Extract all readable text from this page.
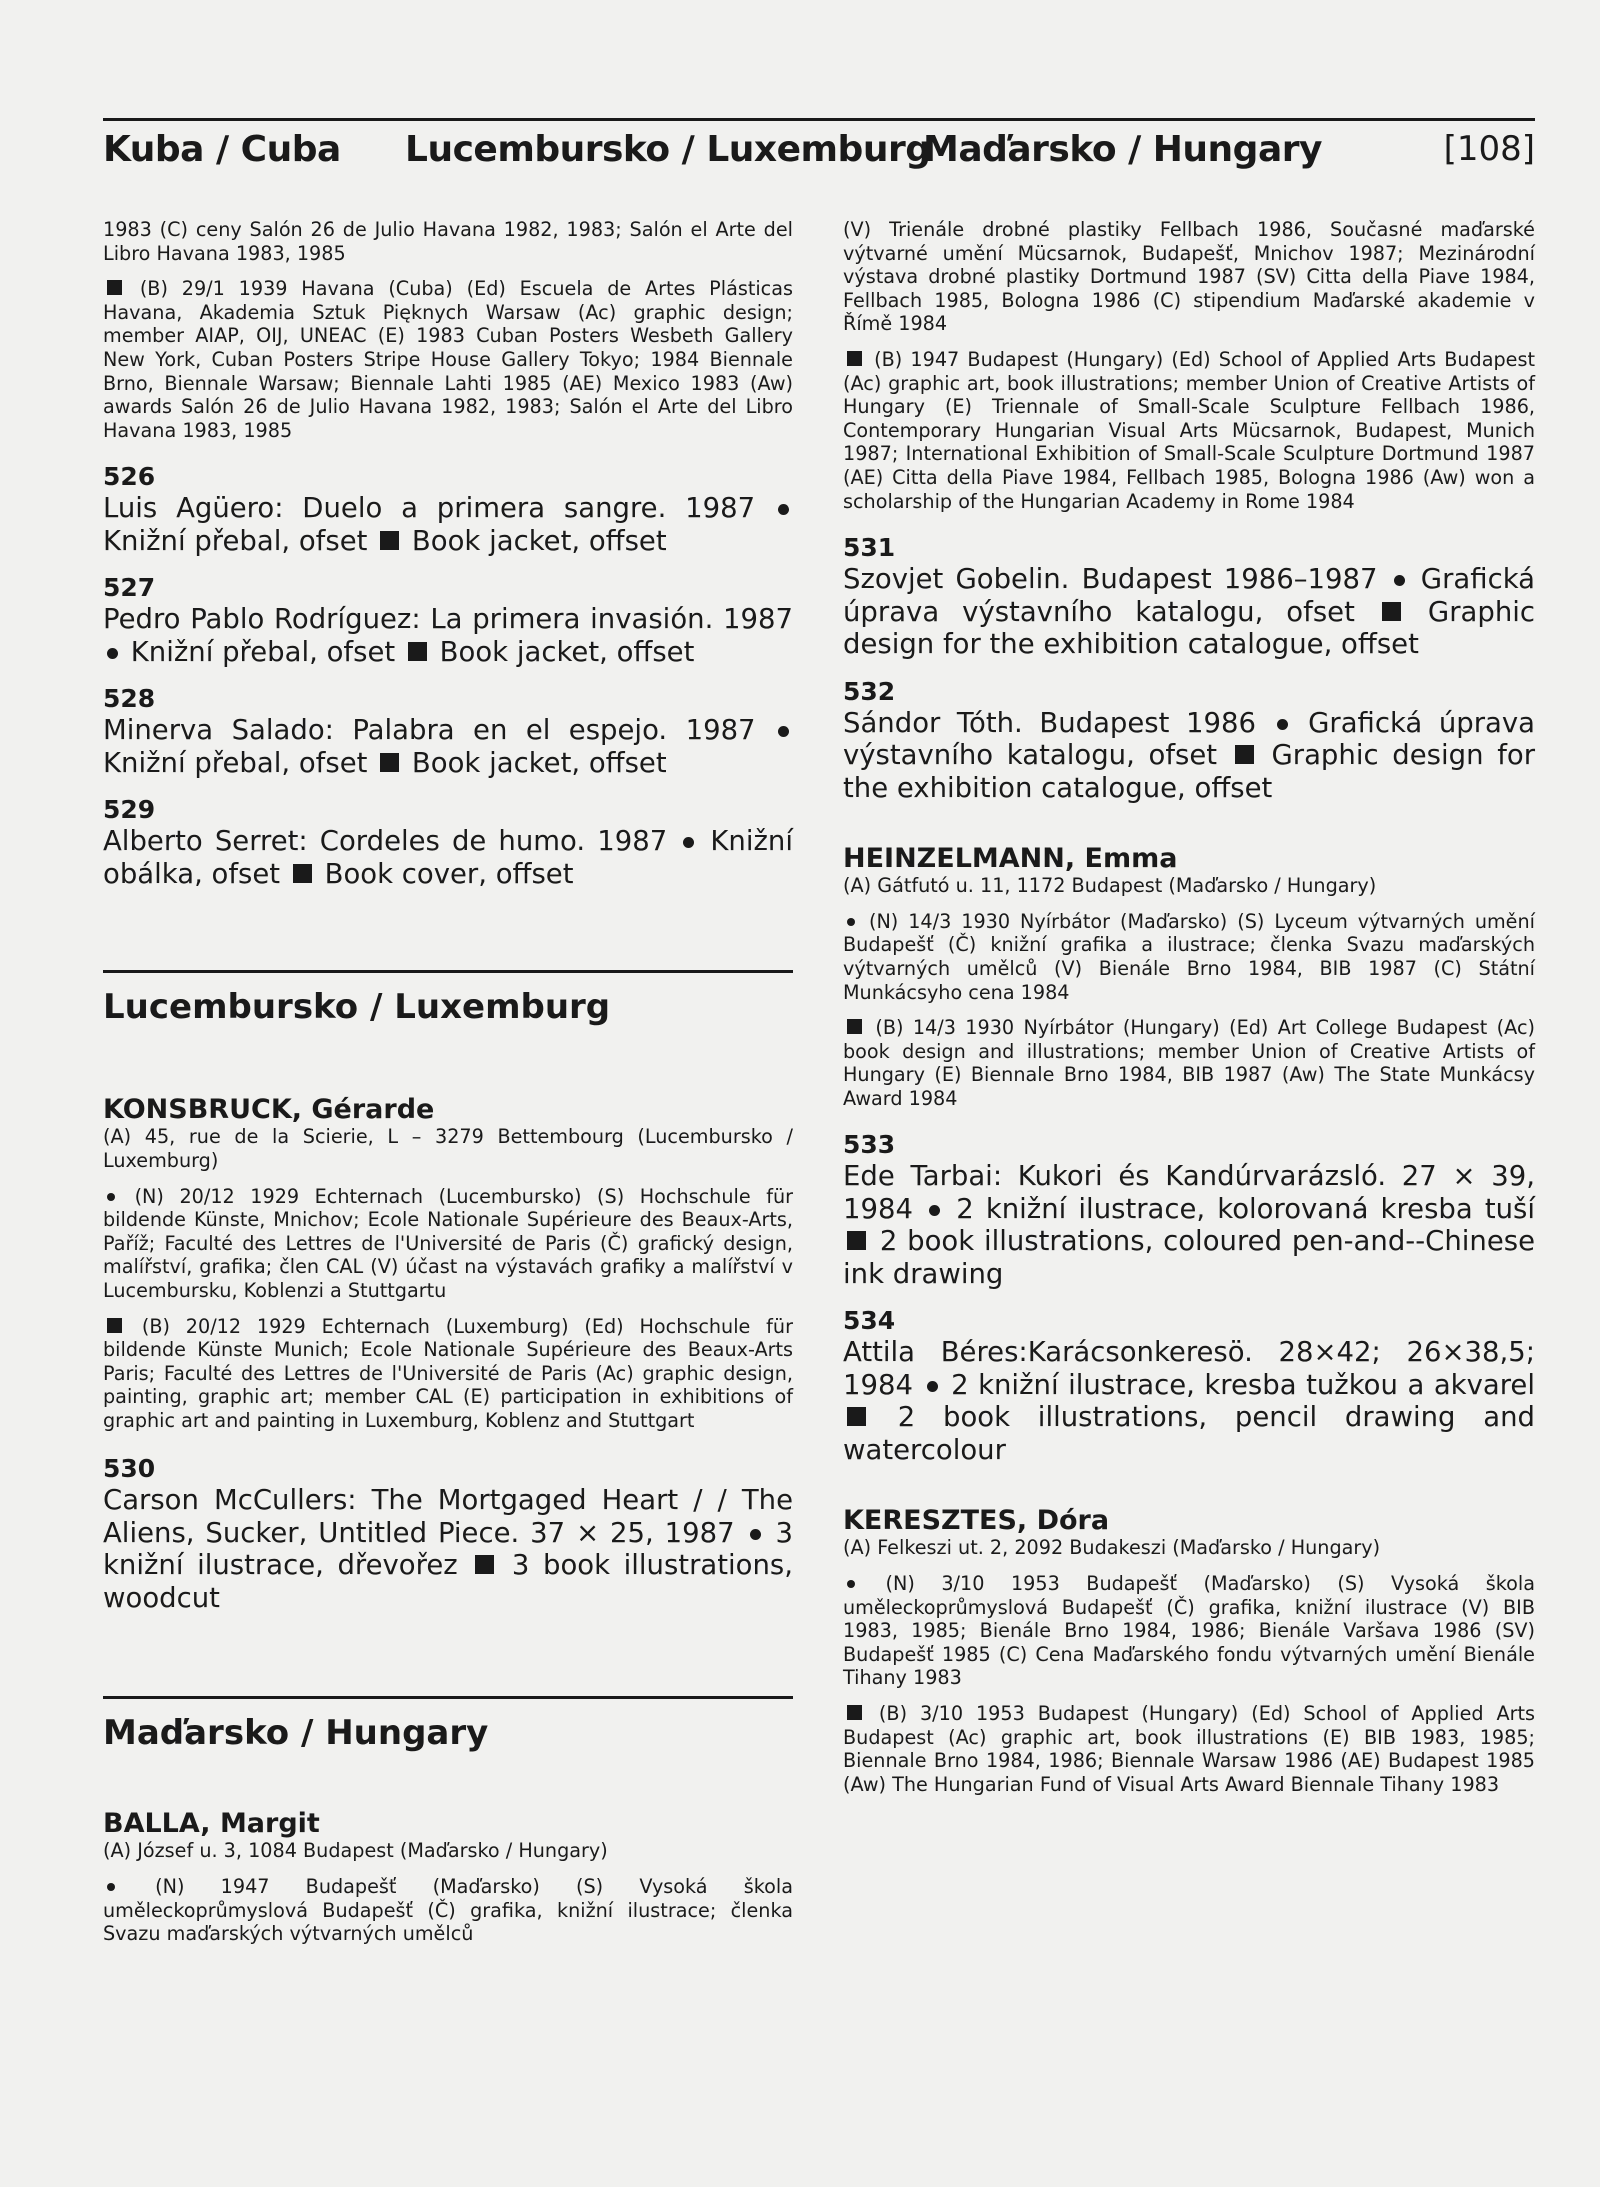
Kuba / Cuba Lucembursko / Luxemburg
Maďarsko / Hungary	[108]

1983 (C) ceny Salón 26 de Julio Havana 1982, 1983; Salón el Arte del Libro Havana 1983, 1985

(B) 29/1 1939 Havana (Cuba) (Ed) Escuela de Artes Plásticas Havana, Akademia Sztuk Pięknych Warsaw (Ac) graphic design; member AIAP, OIJ, UNEAC (E) 1983 Cuban Posters Wesbeth Gallery New York, Cuban Posters Stripe House Gallery Tokyo; 1984 Biennale Brno, Biennale Warsaw; Biennale Lahti 1985 (AE) Mexico 1983 (Aw) awards Salón 26 de Julio Havana 1982, 1983; Salón el Arte del Libro Havana 1983, 1985

526

Luis Agüero: Duelo a primera sangre. 1987  Knižní přebal, ofset Book jacket, offset

527

Pedro Pablo Rodríguez: La primera invasión. 1987  Knižní přebal, ofset Book jacket, offset

528

Minerva Salado: Palabra en el espejo. 1987  Knižní přebal, ofset Book jacket, offset

529

Alberto Serret: Cordeles de humo. 1987 Knižní obálka, ofset Book cover, offset

Lucembursko / Luxemburg
KONSBRUCK, Gérarde

(A) 45, rue de la Scierie, L – 3279 Bettembourg (Lucembursko / Luxemburg)

(N) 20/12 1929 Echternach (Lucembursko) (S) Hochschule für bildende Künste, Mnichov; Ecole Nationale Supérieure des Beaux-Arts, Paříž; Faculté des Lettres de l'Université de Paris (Č) grafický design, malířství, grafika; člen CAL (V) účast na výstavách grafiky a malířství v Lucembursku, Koblenzi a Stuttgartu

(B) 20/12 1929 Echternach (Luxemburg) (Ed) Hochschule für bildende Künste Munich; Ecole Nationale Supérieure des Beaux-Arts Paris; Faculté des Lettres de l'Université de Paris (Ac) graphic design, painting, graphic art; member CAL (E) participation in exhibitions of graphic art and painting in Luxemburg, Koblenz and Stuttgart

530

Carson McCullers: The Mortgaged Heart / / The Aliens, Sucker, Untitled Piece. 37 × 25, 1987 3 knižní ilustrace, dřevořez 3 book illustrations, woodcut

Maďarsko / Hungary
BALLA, Margit

(A) József u. 3, 1084 Budapest (Maďarsko / Hungary)

(N) 1947 Budapešť (Maďarsko) (S) Vysoká škola uměleckoprůmyslová Budapešť (Č) grafika, knižní ilustrace; členka Svazu maďarských výtvarných umělců

(V) Trienále drobné plastiky Fellbach 1986, Současné maďarské výtvarné umění Mücsarnok, Budapešť, Mnichov 1987; Mezinárodní výstava drobné plastiky Dortmund 1987 (SV) Citta della Piave 1984, Fellbach 1985, Bologna 1986 (C) stipendium Maďarské akademie v Římě 1984

(B) 1947 Budapest (Hungary) (Ed) School of Applied Arts Budapest (Ac) graphic art, book illustrations; member Union of Creative Artists of Hungary (E) Triennale of Small-Scale Sculpture Fellbach 1986, Contemporary Hungarian Visual Arts Mücsarnok, Budapest, Munich 1987; International Exhibition of Small-Scale Sculpture Dortmund 1987 (AE) Citta della Piave 1984, Fellbach 1985, Bologna 1986 (Aw) won a scholarship of the Hungarian Academy in Rome 1984

531

Szovjet Gobelin. Budapest 1986–1987 Grafická úprava výstavního katalogu, ofset	Graphic design for the exhibition catalogue, offset

532

Sándor Tóth. Budapest 1986 Grafická úprava výstavního katalogu, ofset Graphic design for the exhibition catalogue, offset

HEINZELMANN, Emma

(A) Gátfutó u. 11, 1172 Budapest (Maďarsko / Hungary)

(N) 14/3 1930 Nyírbátor (Maďarsko) (S) Lyceum výtvarných umění Budapešť (Č) knižní grafika a ilustrace; členka Svazu maďarských výtvarných umělců (V) Bienále Brno 1984, BIB 1987 (C) Státní Munkácsyho cena 1984

(B) 14/3 1930 Nyírbátor (Hungary) (Ed) Art College Budapest (Ac) book design and illustrations; member Union of Creative Artists of Hungary (E) Biennale Brno 1984, BIB 1987 (Aw) The State Munkácsy Award 1984

533

Ede Tarbai: Kukori és Kandúrvarázsló. 27 × 39, 1984 2 knižní ilustrace, kolorovaná kresba tuší  2 book illustrations, coloured pen-and--Chinese ink drawing

534

Attila Béres:Karácsonkeresö. 28×42; 26×38,5; 1984 2 knižní ilustrace, kresba tužkou a akvarel  2 book illustrations, pencil drawing and watercolour

KERESZTES, Dóra

(A) Felkeszi ut. 2, 2092 Budakeszi (Maďarsko / Hungary)

(N) 3/10 1953 Budapešť (Maďarsko) (S) Vysoká škola uměleckoprůmyslová Budapešť (Č) grafika, knižní ilustrace (V) BIB 1983, 1985; Bienále Brno 1984, 1986; Bienále Varšava 1986 (SV) Budapešť 1985 (C) Cena Maďarského fondu výtvarných umění Bienále Tihany 1983

(B) 3/10 1953 Budapest (Hungary) (Ed) School of Applied Arts Budapest (Ac) graphic art, book illustrations (E) BIB 1983, 1985; Biennale Brno 1984, 1986; Biennale Warsaw 1986 (AE) Budapest 1985 (Aw) The Hungarian Fund of Visual Arts Award Biennale Tihany 1983
